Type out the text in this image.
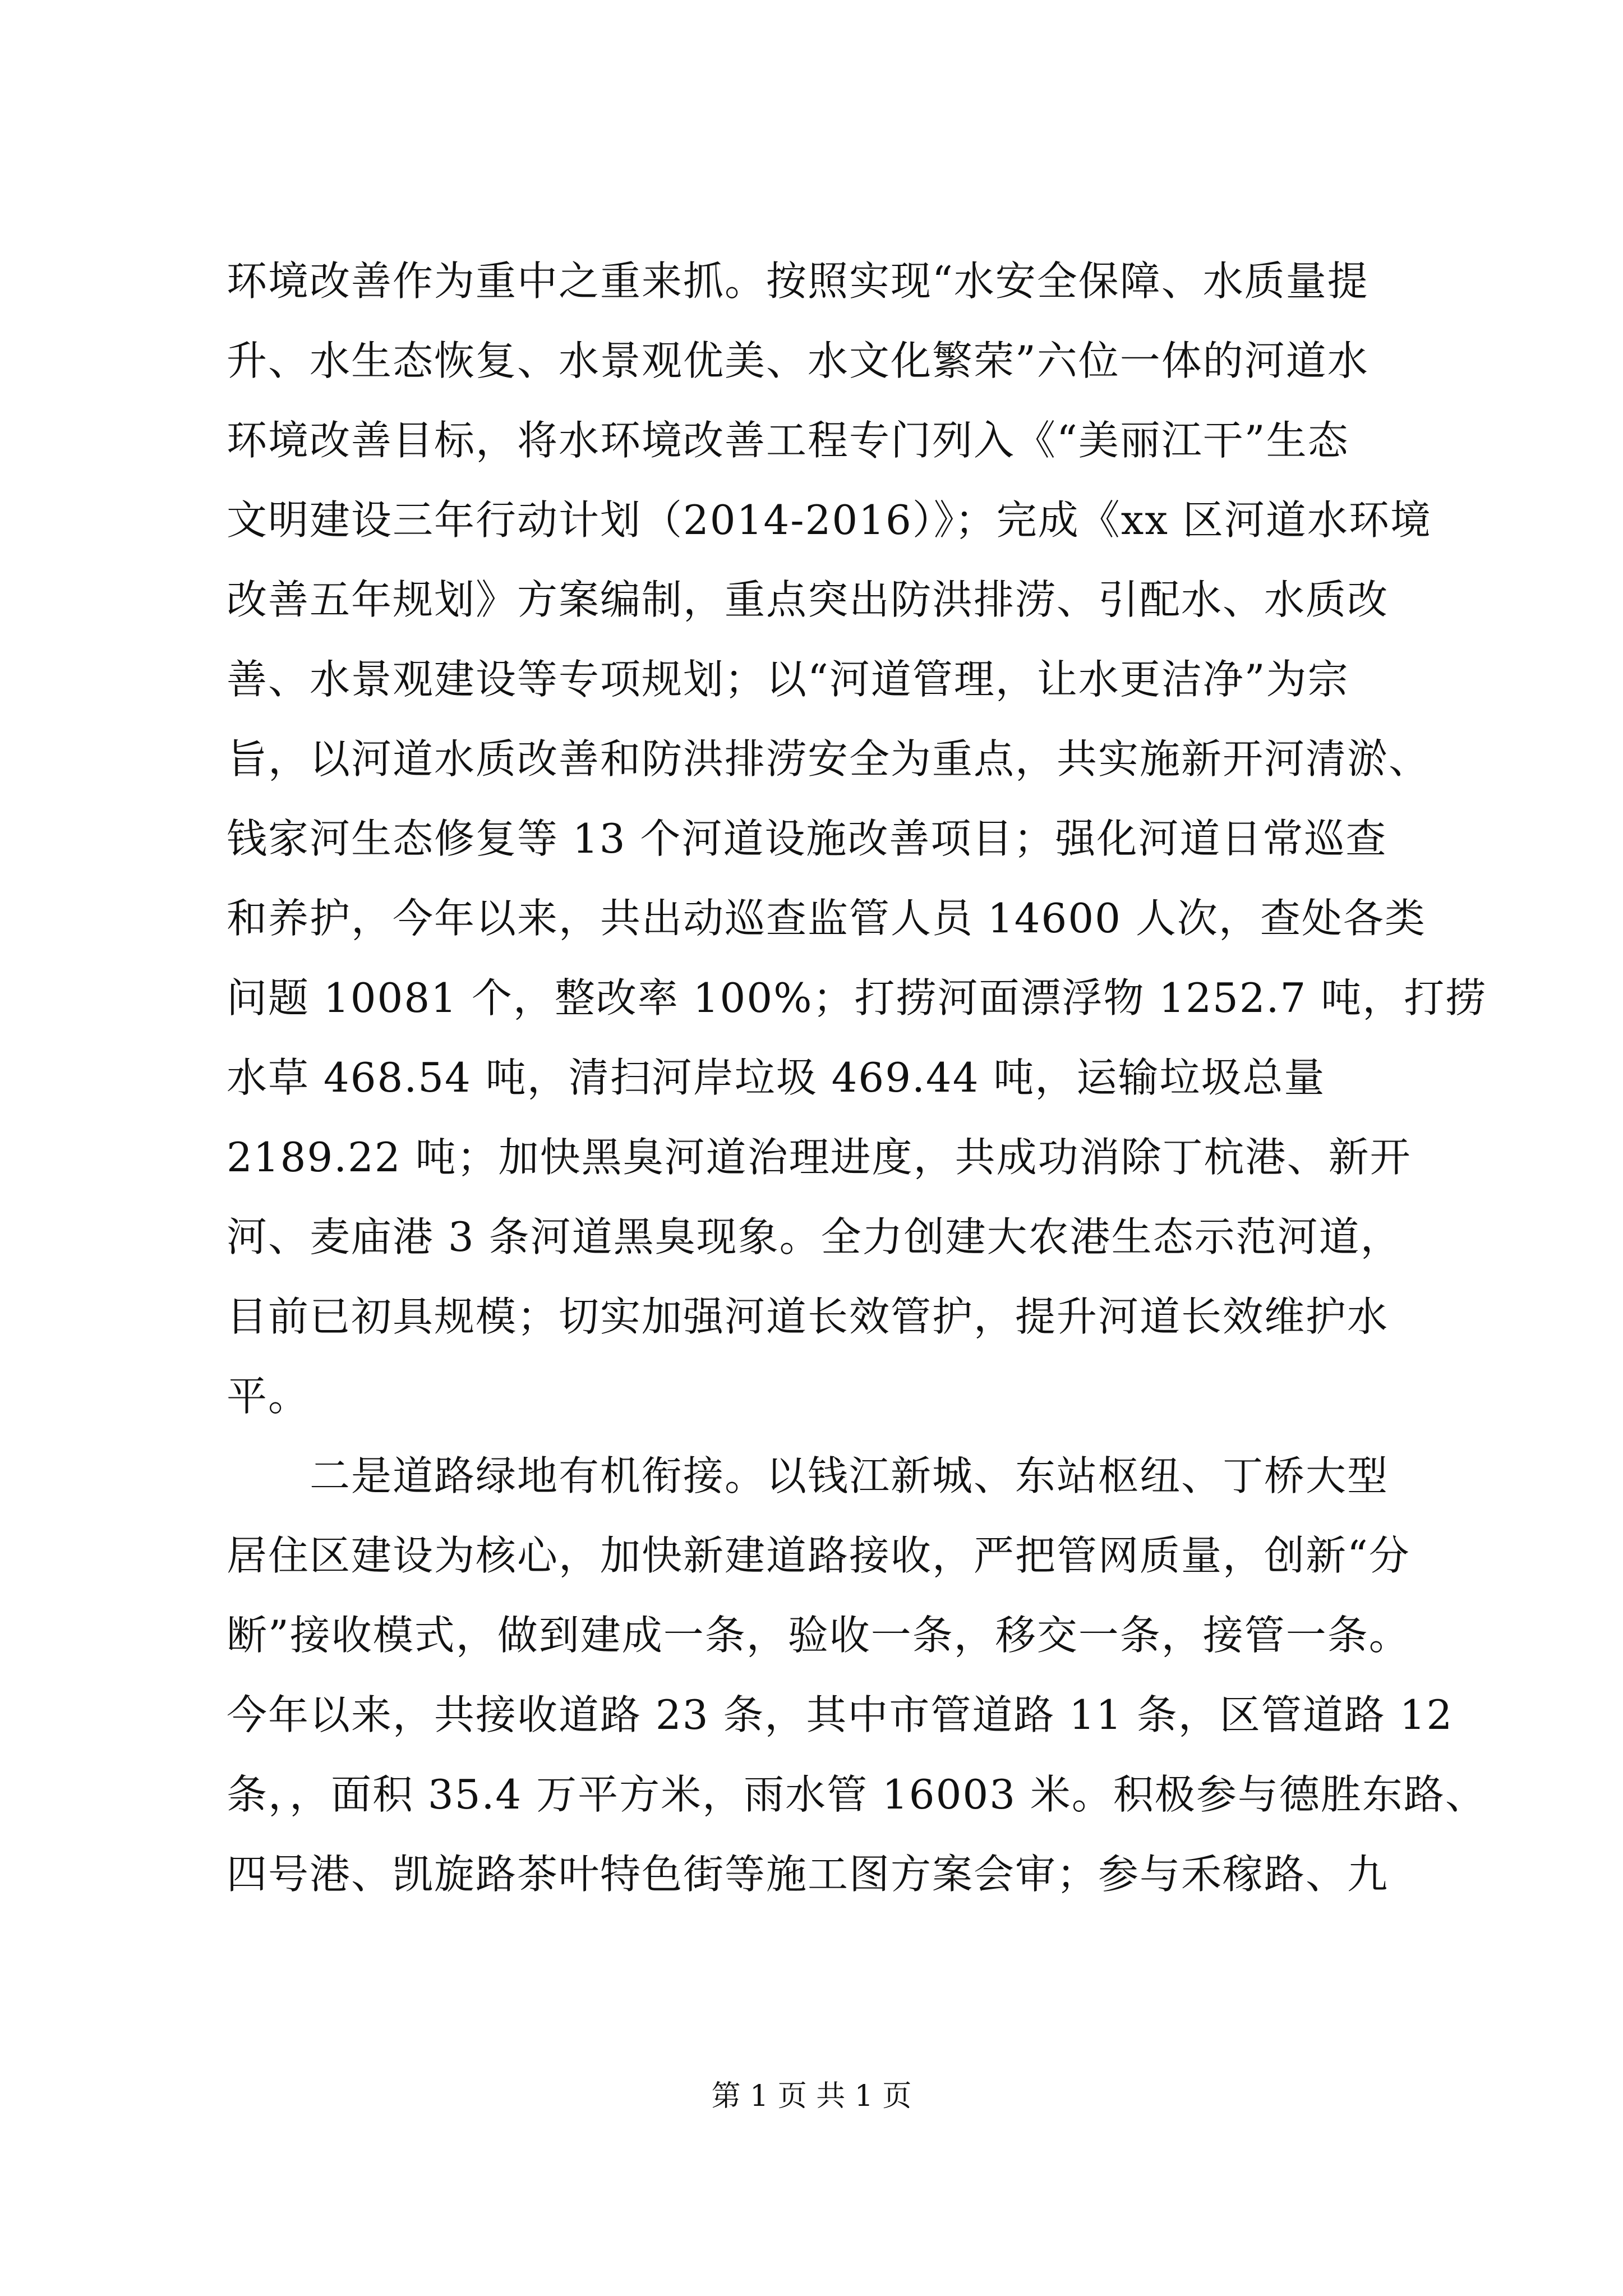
环境改善作为重中之重来抓。按照实现“水安全保障、水质量提
升、水生态恢复、水景观优美、水文化繁荣”六位一体的河道水
环境改善目标，将水环境改善工程专门列入《“美丽江干”生态
文明建设三年行动计划（2014-2016）》；完成《xx 区河道水环境
改善五年规划》方案编制，重点突出防洪排涝、引配水、水质改
善、水景观建设等专项规划；以“河道管理，让水更洁净”为宗
旨，以河道水质改善和防洪排涝安全为重点，共实施新开河清淤、
钱家河生态修复等 13 个河道设施改善项目；强化河道日常巡查
和养护，今年以来，共出动巡查监管人员 14600 人次，查处各类
问题 10081 个，整改率 100%；打捞河面漂浮物 1252.7 吨，打捞
水草 468.54 吨，清扫河岸垃圾 469.44 吨，运输垃圾总量
2189.22 吨；加快黑臭河道治理进度，共成功消除丁杭港、新开
河、麦庙港 3 条河道黑臭现象。全力创建大农港生态示范河道，
目前已初具规模；切实加强河道长效管护，提升河道长效维护水
平。
二是道路绿地有机衔接。以钱江新城、东站枢纽、丁桥大型
居住区建设为核心，加快新建道路接收，严把管网质量，创新“分
断”接收模式，做到建成一条，验收一条，移交一条，接管一条。
今年以来，共接收道路 23 条，其中市管道路 11 条，区管道路 12
条，，面积 35.4 万平方米，雨水管 16003 米。积极参与德胜东路、
四号港、凯旋路茶叶特色街等施工图方案会审；参与禾稼路、九
第 1 页 共 1 页
